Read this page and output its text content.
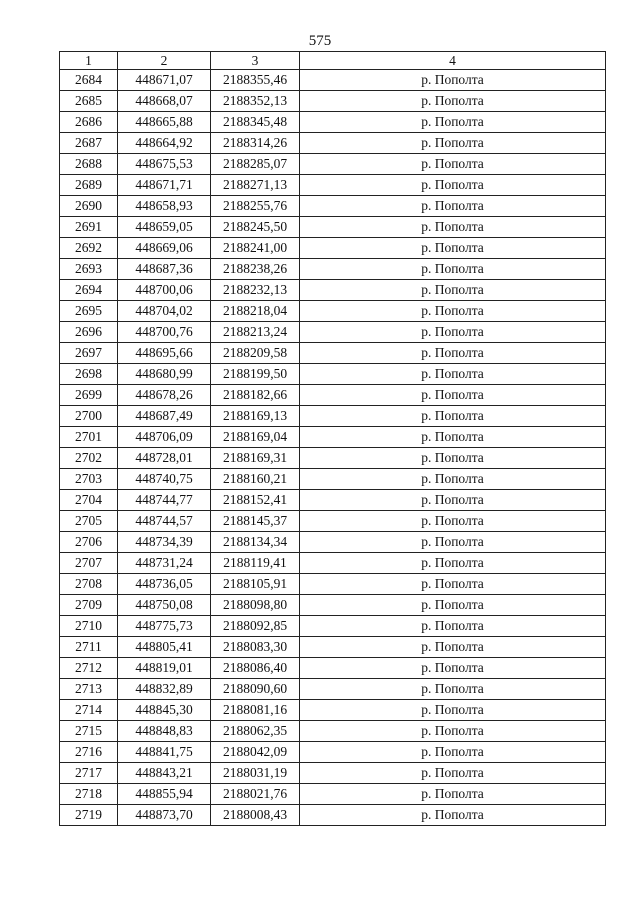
575
1	2	3	4
2684	448671,07	2188355,46	р. Пополта
2685	448668,07	2188352,13	р. Пополта
2686	448665,88	2188345,48	р. Пополта
2687	448664,92	2188314,26	р. Пополта
2688	448675,53	2188285,07	р. Пополта
2689	448671,71	2188271,13	р. Пополта
2690	448658,93	2188255,76	р. Пополта
2691	448659,05	2188245,50	р. Пополта
2692	448669,06	2188241,00	р. Пополта
2693	448687,36	2188238,26	р. Пополта
2694	448700,06	2188232,13	р. Пополта
2695	448704,02	2188218,04	р. Пополта
2696	448700,76	2188213,24	р. Пополта
2697	448695,66	2188209,58	р. Пополта
2698	448680,99	2188199,50	р. Пополта
2699	448678,26	2188182,66	р. Пополта
2700	448687,49	2188169,13	р. Пополта
2701	448706,09	2188169,04	р. Пополта
2702	448728,01	2188169,31	р. Пополта
2703	448740,75	2188160,21	р. Пополта
2704	448744,77	2188152,41	р. Пополта
2705	448744,57	2188145,37	р. Пополта
2706	448734,39	2188134,34	р. Пополта
2707	448731,24	2188119,41	р. Пополта
2708	448736,05	2188105,91	р. Пополта
2709	448750,08	2188098,80	р. Пополта
2710	448775,73	2188092,85	р. Пополта
2711	448805,41	2188083,30	р. Пополта
2712	448819,01	2188086,40	р. Пополта
2713	448832,89	2188090,60	р. Пополта
2714	448845,30	2188081,16	р. Пополта
2715	448848,83	2188062,35	р. Пополта
2716	448841,75	2188042,09	р. Пополта
2717	448843,21	2188031,19	р. Пополта
2718	448855,94	2188021,76	р. Пополта
2719	448873,70	2188008,43	р. Пополта
